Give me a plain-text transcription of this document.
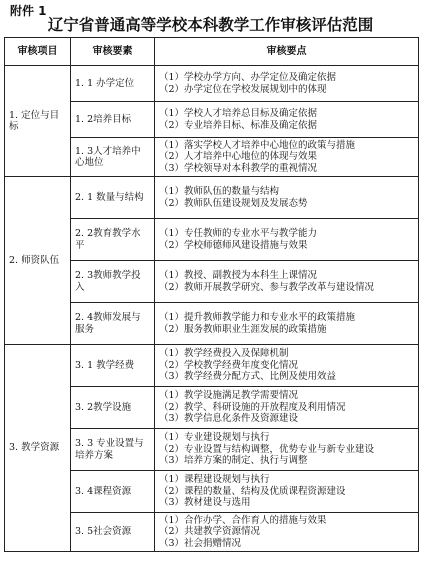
附件 1
辽宁省普通高等学校本科教学工作审核评估范围
审核项目	审核要素	审核要点
1. 定位与目标	1. 1 办学定位	（1）学校办学方向、办学定位及确定依据
（2）办学定位在学校发展规划中的体现

	1. 2培养目标	（1）学校人才培养总目标及确定依据
（2）专业培养目标、标准及确定依据

	1. 3人才培养中心地位	（1）落实学校人才培养中心地位的政策与措施
（2）人才培养中心地位的体现与效果
（3）学校领导对本科教学的重视情况

2. 师资队伍	2. 1 数量与结构	（1）教师队伍的数量与结构
（2）教师队伍建设规划及发展态势

	2. 2教育教学水平	（1）专任教师的专业水平与教学能力
（2）学校师德师风建设措施与效果

	2. 3教师教学投入	（1）教授、副教授为本科生上课情况
（2）教师开展教学研究、参与教学改革与建设情况

	2. 4教师发展与服务	（1）提升教师教学能力和专业水平的政策措施
（2）服务教师职业生涯发展的政策措施

3. 教学资源	3. 1 教学经费	（1）教学经费投入及保障机制
（2）学校教学经费年度变化情况
（3）教学经费分配方式、比例及使用效益

	3. 2教学设施	（1）教学设施满足教学需要情况
（2）教学、科研设施的开放程度及利用情况
（3）教学信息化条件及资源建设

	3. 3 专业设置与培养方案	（1）专业建设规划与执行
（2）专业设置与结构调整，优势专业与新专业建设
（3）培养方案的制定、执行与调整

	3. 4课程资源	（1）课程建设规划与执行
（2）课程的数量、结构及优质课程资源建设
（3）教材建设与选用

	3. 5社会资源	（1）合作办学、合作育人的措施与效果
（2）共建教学资源情况
（3）社会捐赠情况
